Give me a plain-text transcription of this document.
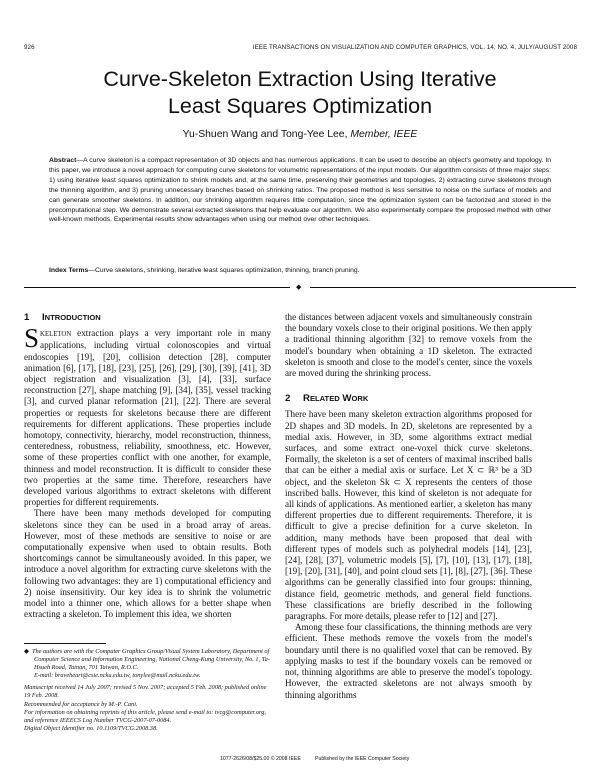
926	IEEE TRANSACTIONS ON VISUALIZATION AND COMPUTER GRAPHICS, VOL. 14, NO. 4, JULY/AUGUST 2008
Curve-Skeleton Extraction Using Iterative
Least Squares Optimization
Yu-Shuen Wang and Tong-Yee Lee, Member, IEEE
Abstract—A curve skeleton is a compact representation of 3D objects and has numerous applications. It can be used to describe an object's geometry and topology. In this paper, we introduce a novel approach for computing curve skeletons for volumetric representations of the input models. Our algorithm consists of three major steps: 1) using iterative least squares optimization to shrink models and, at the same time, preserving their geometries and topologies, 2) extracting curve skeletons through the thinning algorithm, and 3) pruning unnecessary branches based on shrinking ratios. The proposed method is less sensitive to noise on the surface of models and can generate smoother skeletons. In addition, our shrinking algorithm requires little computation, since the optimization system can be factorized and stored in the precomputational step. We demonstrate several extracted skeletons that help evaluate our algorithm. We also experimentally compare the proposed method with other well-known methods. Experimental results show advantages when using our method over other techniques.
Index Terms—Curve skeletons, shrinking, iterative least squares optimization, thinning, branch pruning.
◆
1 INTRODUCTION

SKELETON extraction plays a very important role in many applications, including virtual colonoscopies and virtual endoscopies [19], [20], collision detection [28], computer animation [6], [17], [18], [23], [25], [26], [29], [30], [39], [41], 3D object registration and visualization [3], [4], [33], surface reconstruction [27], shape matching [9], [34], [35], vessel tracking [3], and curved planar reformation [21], [22]. There are several properties or requests for skeletons because there are different requirements for different applications. These properties include homotopy, connectivity, hierarchy, model reconstruction, thinness, centeredness, robustness, reliability, smoothness, etc. However, some of these properties conflict with one another, for example, thinness and model reconstruction. It is difficult to consider these two properties at the same time. Therefore, researchers have developed various algorithms to extract skeletons with different properties for different requirements.

There have been many methods developed for computing skeletons since they can be used in a broad array of areas. However, most of these methods are sensitive to noise or are computationally expensive when used to obtain results. Both shortcomings cannot be simultaneously avoided. In this paper, we introduce a novel algorithm for extracting curve skeletons with the following two advantages: they are 1) computational efficiency and 2) noise insensitivity. Our key idea is to shrink the volumetric model into a thinner one, which allows for a better shape when extracting a skeleton. To implement this idea, we shorten

◆ The authors are with the Computer Graphics Group/Visual System Laboratory, Department of Computer Science and Information Engineering, National Cheng-Kung University, No. 1, Ta-Hsueh Road, Tainan, 701 Taiwan, R.O.C.

E-mail: braveheart@csie.ncku.edu.tw, tonylee@mail.ncku.edu.tw.

Manuscript received 14 July 2007; revised 5 Nov. 2007; accepted 5 Feb. 2008; published online 19 Feb. 2008.

Recommended for acceptance by M.-P. Cani.

For information on obtaining reprints of this article, please send e-mail to: tvcg@computer.org, and reference IEEECS Log Number TVCG-2007-07-0084.

Digital Object Identifier no. 10.1109/TVCG.2008.38.

the distances between adjacent voxels and simultaneously constrain the boundary voxels close to their original positions. We then apply a traditional thinning algorithm [32] to remove voxels from the model's boundary when obtaining a 1D skeleton. The extracted skeleton is smooth and close to the model's center, since the voxels are moved during the shrinking process.

2 RELATED WORK

There have been many skeleton extraction algorithms proposed for 2D shapes and 3D models. In 2D, skeletons are represented by a medial axis. However, in 3D, some algorithms extract medial surfaces, and some extract one-voxel thick curve skeletons. Formally, the skeleton is a set of centers of maximal inscribed balls that can be either a medial axis or surface. Let X ⊂ ℝ³ be a 3D object, and the skeleton Sk ⊂ X represents the centers of those inscribed balls. However, this kind of skeleton is not adequate for all kinds of applications. As mentioned earlier, a skeleton has many different properties due to different requirements. Therefore, it is difficult to give a precise definition for a curve skeleton. In addition, many methods have been proposed that deal with different types of models such as polyhedral models [14], [23], [24], [28], [37], volumetric models [5], [7], [10], [13], [17], [18], [19], [20], [31], [40], and point cloud sets [1], [8], [27], [36]. These algorithms can be generally classified into four groups: thinning, distance field, geometric methods, and general field functions. These classifications are briefly described in the following paragraphs. For more details, please refer to [12] and [27].

Among these four classifications, the thinning methods are very efficient. These methods remove the voxels from the model's boundary until there is no qualified voxel that can be removed. By applying masks to test if the boundary voxels can be removed or not, thinning algorithms are able to preserve the model's topology. However, the extracted skeletons are not always smooth by thinning algorithms

1077-2626/08/$25.00 © 2008 IEEE	Published by the IEEE Computer Society
